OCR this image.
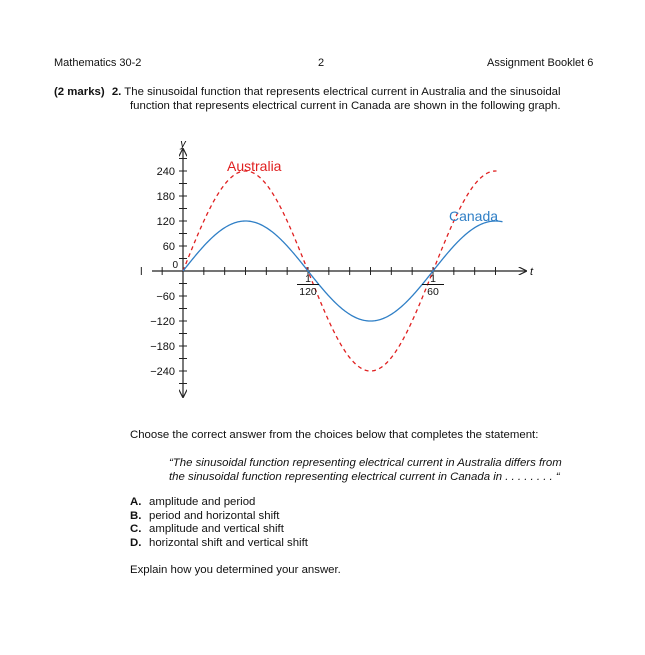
Mathematics 30-2	2	Assignment Booklet 6
(2 marks) 2. The sinusoidal function that represents electrical current in Australia and the sinusoidal
function that represents electrical current in Canada are shown in the following graph.
240
180
120
60
0
−60
−120
−180
−240
y
t
1
120
1
60
Australia
Canada
Choose the correct answer from the choices below that completes the statement:
“The sinusoidal function representing electrical current in Australia differs from
the sinusoidal function representing electrical current in Canada in . . . . . . . . “
A. amplitude and period
B. period and horizontal shift
C. amplitude and vertical shift
D. horizontal shift and vertical shift
Explain how you determined your answer.
